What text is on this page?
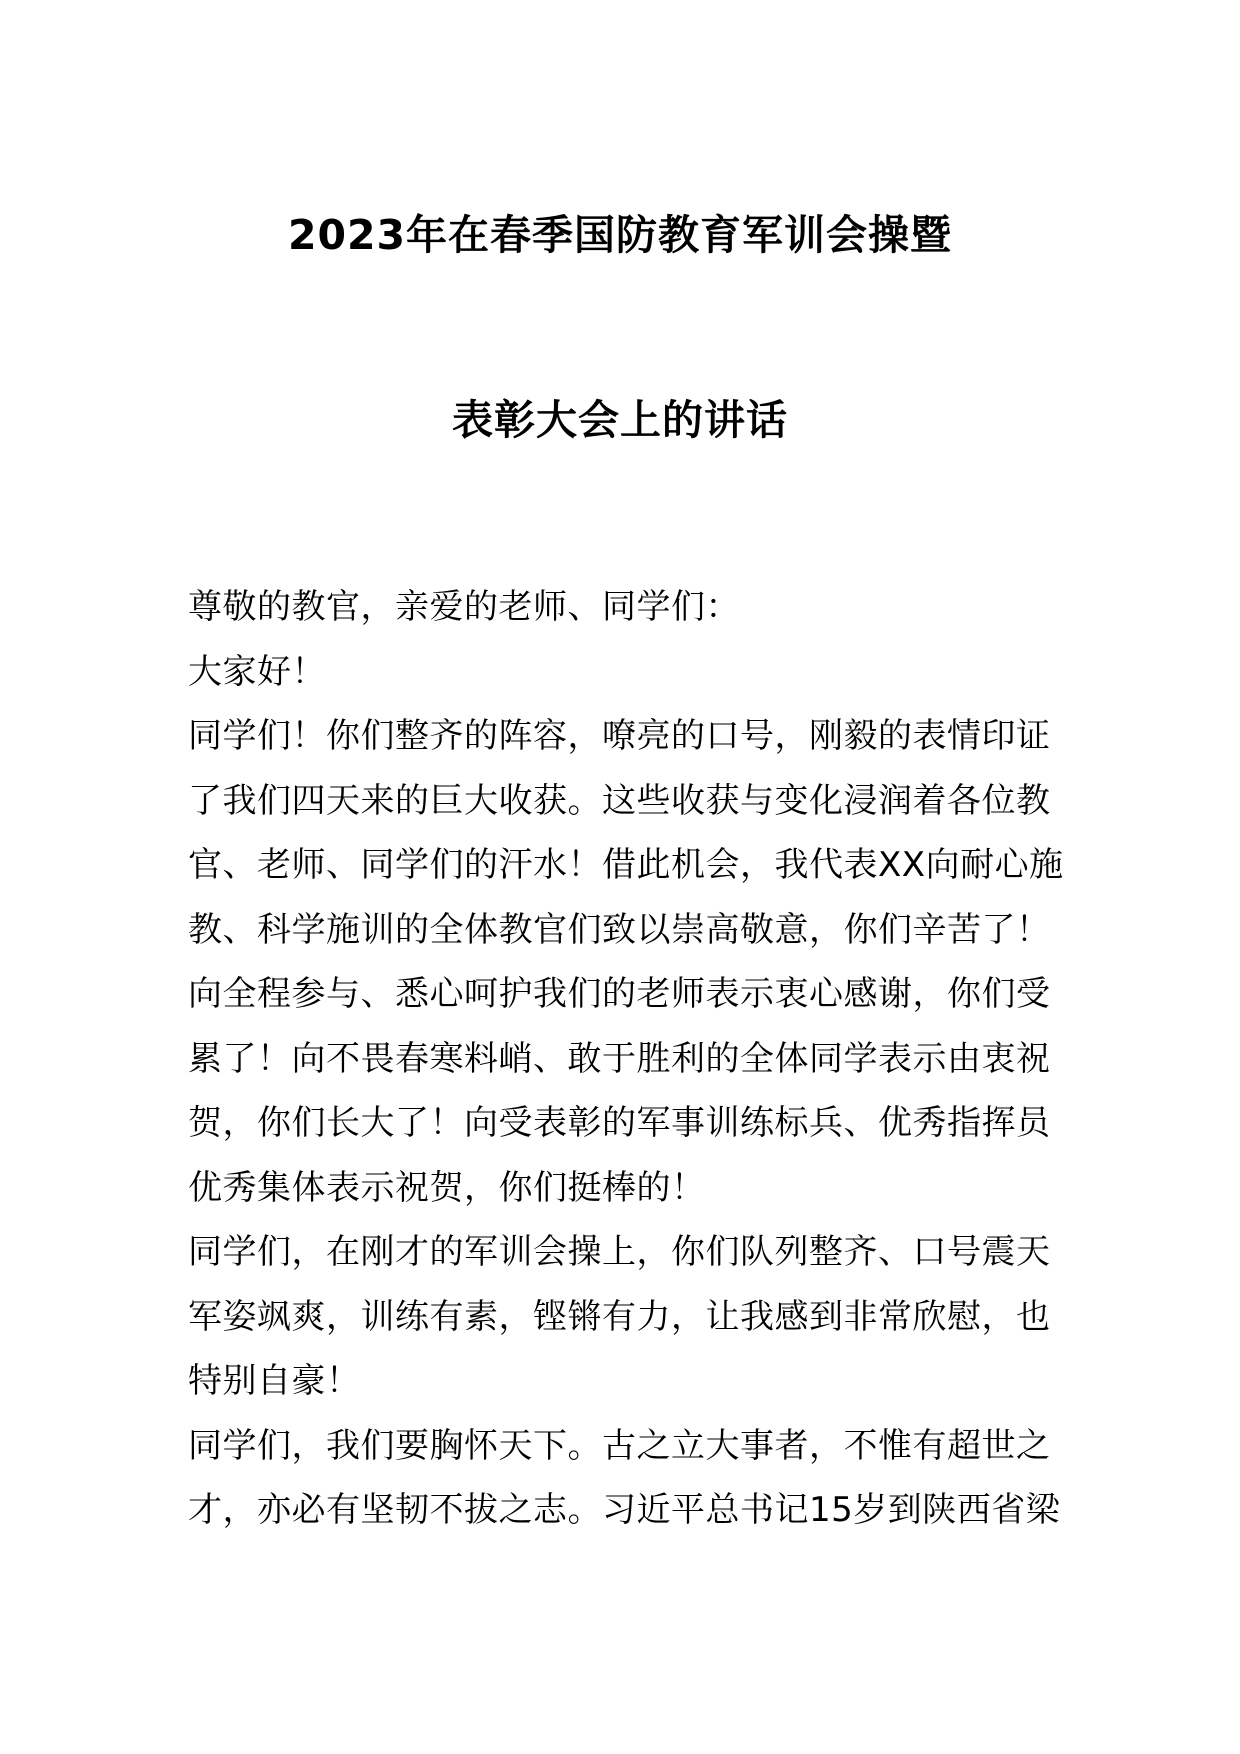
2023年在春季国防教育军训会操暨
表彰大会上的讲话
尊敬的教官，亲爱的老师、同学们：
大家好！
同学们！你们整齐的阵容，嘹亮的口号，刚毅的表情印证
了我们四天来的巨大收获。这些收获与变化浸润着各位教
官、老师、同学们的汗水！借此机会，我代表XX向耐心施
教、科学施训的全体教官们致以崇高敬意，你们辛苦了！
向全程参与、悉心呵护我们的老师表示衷心感谢，你们受
累了！向不畏春寒料峭、敢于胜利的全体同学表示由衷祝
贺，你们长大了！向受表彰的军事训练标兵、优秀指挥员
优秀集体表示祝贺，你们挺棒的！
同学们，在刚才的军训会操上，你们队列整齐、口号震天
军姿飒爽，训练有素，铿锵有力，让我感到非常欣慰，也
特别自豪！
同学们，我们要胸怀天下。古之立大事者，不惟有超世之
才，亦必有坚韧不拔之志。习近平总书记15岁到陕西省梁
